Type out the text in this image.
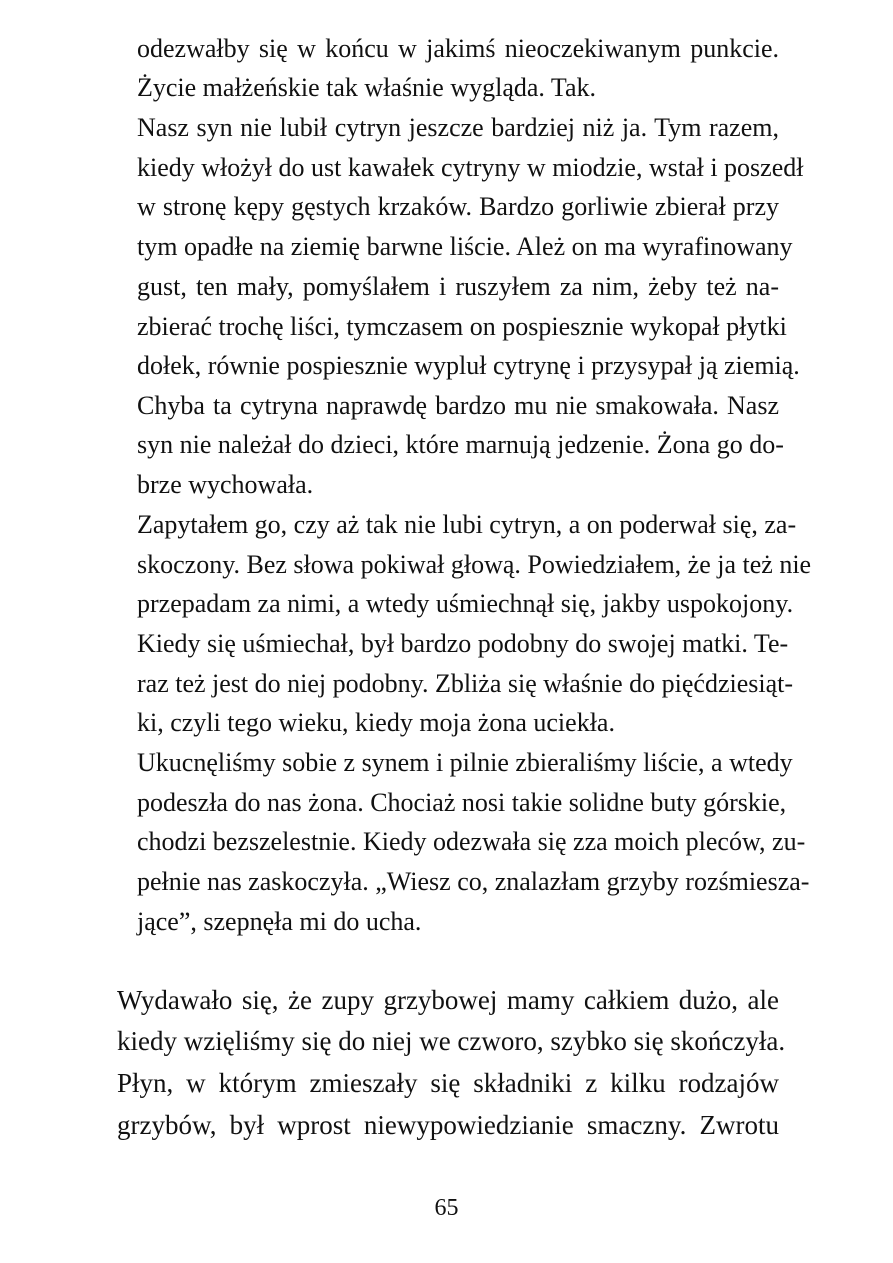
odezwałby się w końcu w jakimś nieoczekiwanym punkcie.
Życie małżeńskie tak właśnie wygląda. Tak.
Nasz syn nie lubił cytryn jeszcze bardziej niż ja. Tym razem,
kiedy włożył do ust kawałek cytryny w miodzie, wstał i poszedł
w stronę kępy gęstych krzaków. Bardzo gorliwie zbierał przy
tym opadłe na ziemię barwne liście. Ależ on ma wyrafinowany
gust, ten mały, pomyślałem i ruszyłem za nim, żeby też na-
zbierać trochę liści, tymczasem on pospiesznie wykopał płytki
dołek, równie pospiesznie wypluł cytrynę i przysypał ją ziemią.
Chyba ta cytryna naprawdę bardzo mu nie smakowała. Nasz
syn nie należał do dzieci, które marnują jedzenie. Żona go do-
brze wychowała.
Zapytałem go, czy aż tak nie lubi cytryn, a on poderwał się, za-
skoczony. Bez słowa pokiwał głową. Powiedziałem, że ja też nie
przepadam za nimi, a wtedy uśmiechnął się, jakby uspokojony.
Kiedy się uśmiechał, był bardzo podobny do swojej matki. Te-
raz też jest do niej podobny. Zbliża się właśnie do pięćdziesiąt-
ki, czyli tego wieku, kiedy moja żona uciekła.
Ukucnęliśmy sobie z synem i pilnie zbieraliśmy liście, a wtedy
podeszła do nas żona. Chociaż nosi takie solidne buty górskie,
chodzi bezszelestnie. Kiedy odezwała się zza moich pleców, zu-
pełnie nas zaskoczyła. „Wiesz co, znalazłam grzyby rozśmiesza-
jące”, szepnęła mi do ucha.
Wydawało się, że zupy grzybowej mamy całkiem dużo, ale
kiedy wzięliśmy się do niej we czworo, szybko się skończyła.
Płyn, w którym zmieszały się składniki z kilku rodzajów
grzybów, był wprost niewypowiedzianie smaczny. Zwrotu
65
